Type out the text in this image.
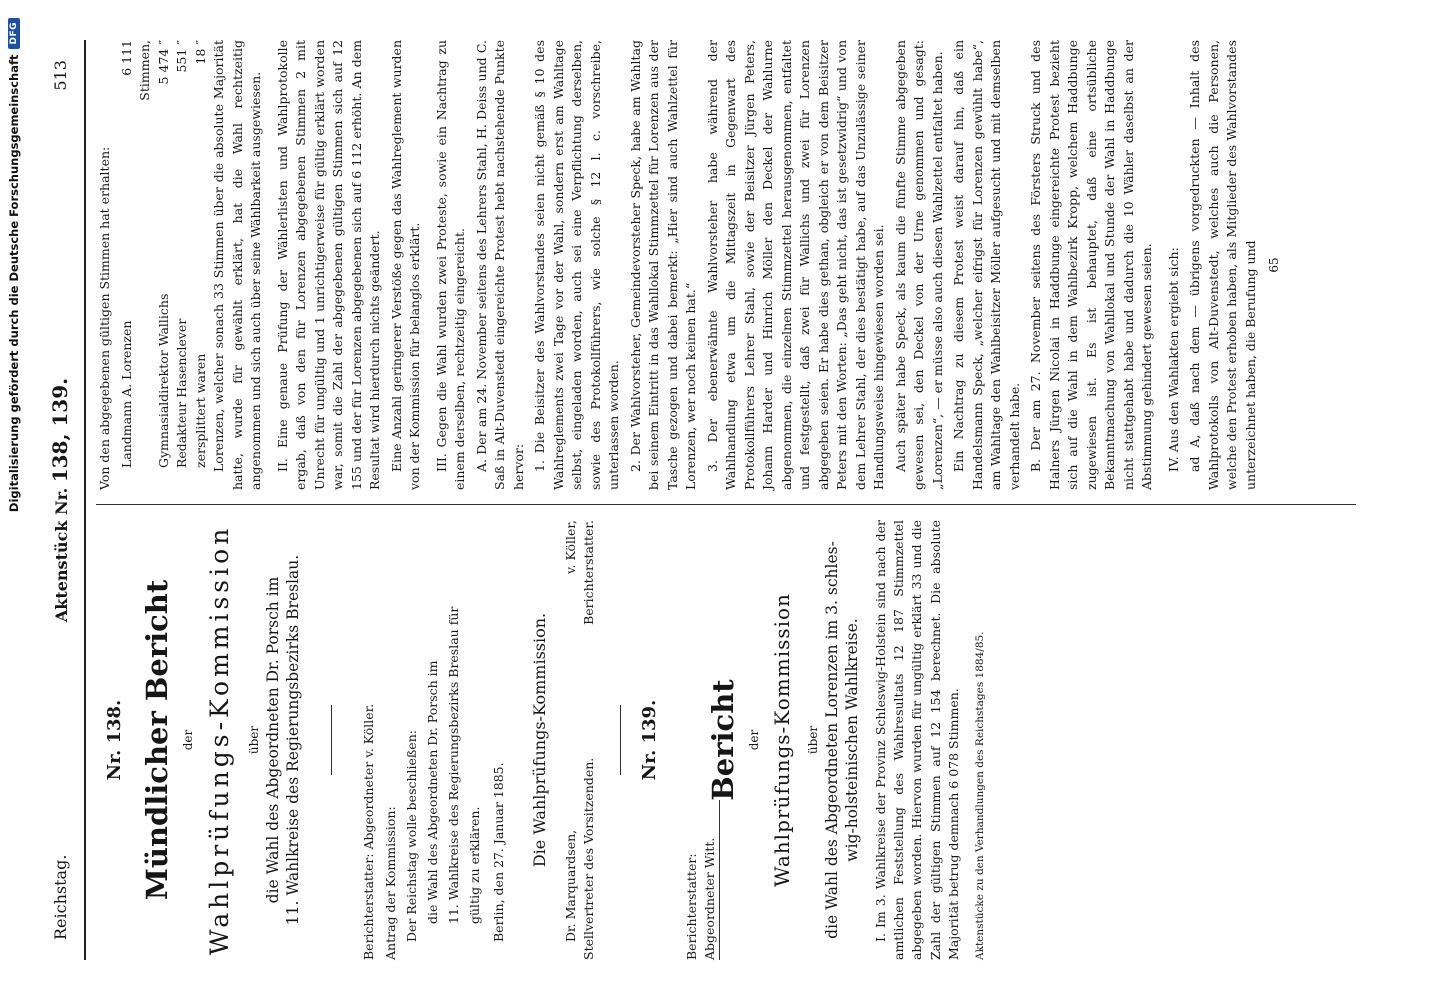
Digitalisierung gefördert durch die Deutsche Forschungsgemeinschaft
DFG
Reichstag.
Aktenstück Nr. 138, 139.
513
Nr. 138. Mündlicher Bericht der Wahlprüfungs-Kommission	über die Wahl des Abgeordneten Dr. Porsch im 11. Wahlkreise des Regierungsbezirks Breslau.	Berichterstatter: Abgeordneter v. Köller. Antrag der Kommission: Der Reichstag wolle beschließen: die Wahl des Abgeordneten Dr. Porsch im 11. Wahlkreise des Regierungsbezirks Breslau für gültig zu erklären. Berlin, den 27. Januar 1885. Die Wahlprüfungs-Kommission.
Dr. Marquardsen, Stellvertreter des Vorsitzenden.
v. Köller, Berichterstatter.
Nr. 139.
Berichterstatter: Abgeordneter Witt.
Bericht der Wahlprüfungs-Kommission über die Wahl des Abgeordneten Lorenzen im 3. schles- wig-holsteinischen Wahlkreise. I. Im 3. Wahlkreise der Provinz Schleswig-Holstein sind nach der amtlichen Feststellung des Wahlresultats 12 187 Stimmzettel abgegeben worden. Hiervon wurden für ungültig erklärt 33 und die Zahl der gültigen Stimmen auf 12 154 berechnet. Die absolute Majorität betrug demnach 6 078 Stimmen. Aktenstücke zu den Verhandlungen des Reichstages 1884/85.

Von den abgegebenen gültigen Stimmen hat erhalten: Landmann A. Lorenzen
6 111 Stimmen,
Gymnasialdirektor Wallichs
5 474 ″
Redakteur Hasenclever
551 ″
zersplittert waren
18 ″ Lorenzen, welcher sonach 33 Stimmen über die absolute Majorität hatte, wurde für gewählt erklärt, hat die Wahl rechtzeitig angenommen und sich auch über seine Wählbarkeit ausgewiesen. II. Eine genaue Prüfung der Wählerlisten und Wahlprotokolle ergab, daß von den für Lorenzen abgegebenen Stimmen 2 mit Unrecht für ungültig und 1 unrichtigerweise für gültig erklärt worden war, somit die Zahl der abgegebenen gültigen Stimmen sich auf 12 155 und der für Lorenzen abgegebenen sich auf 6 112 erhöht. An dem Resultat wird hierdurch nichts geändert. Eine Anzahl geringerer Verstöße gegen das Wahlreglement wurden von der Kommission für belanglos erklärt. III. Gegen die Wahl wurden zwei Proteste, sowie ein Nachtrag zu einem derselben, rechtzeitig eingereicht. A. Der am 24. November seitens des Lehrers Stahl, H. Deiss und C. Saß in Alt-Duvenstedt eingereichte Protest hebt nachstehende Punkte hervor: 1. Die Beisitzer des Wahlvorstandes seien nicht gemäß § 10 des Wahlreglements zwei Tage vor der Wahl, sondern erst am Wahltage selbst, eingeladen worden, auch sei eine Verpflichtung derselben, sowie des Protokollführers, wie solche § 12 l. c. vorschreibe, unterlassen worden. 2. Der Wahlvorsteher, Gemeindevorsteher Speck, habe am Wahltag bei seinem Eintritt in das Wahllokal Stimmzettel für Lorenzen aus der Tasche gezogen und dabei bemerkt: „Hier sind auch Wahlzettel für Lorenzen, wer noch keinen hat.“ 3. Der ebenerwähnte Wahlvorsteher habe während der Wahlhandlung etwa um die Mittagszeit in Gegenwart des Protokollführers Lehrer Stahl, sowie der Beisitzer Jürgen Peters, Johann Harder und Hinrich Möller den Deckel der Wahlurne abgenommen, die einzelnen Stimmzettel herausgenommen, entfaltet und festgestellt, daß zwei für Wallichs und zwei für Lorenzen abgegeben seien. Er habe dies gethan, obgleich er von dem Beisitzer Peters mit den Worten: „Das geht nicht, das ist gesetzwidrig“ und von dem Lehrer Stahl, der dies bestätigt habe, auf das Unzulässige seiner Handlungsweise hingewiesen worden sei. Auch später habe Speck, als kaum die fünfte Stimme abgegeben gewesen sei, den Deckel von der Urne genommen und gesagt: „Lorenzen“, — er müsse also auch diesen Wahlzettel entfaltet haben. Ein Nachtrag zu diesem Protest weist darauf hin, daß ein Handelsmann Speck, „welcher eifrigst für Lorenzen gewühlt habe“, am Wahltage den Wahlbeisitzer Möller aufgesucht und mit demselben verhandelt habe. B. Der am 27. November seitens des Försters Struck und des Halners Jürgen Nicolai in Haddbunge eingereichte Protest bezieht sich auf die Wahl in dem Wahlbezirk Kropp, welchem Haddbunge zugewiesen ist. Es ist behauptet, daß eine ortsübliche Bekanntmachung von Wahllokal und Stunde der Wahl in Haddbunge nicht stattgehabt habe und dadurch die 10 Wähler daselbst an der Abstimmung gehindert gewesen seien. IV. Aus den Wahlakten ergiebt sich: ad A, daß nach dem — übrigens vorgedruckten — Inhalt des Wahlprotokolls von Alt-Duvenstedt, welches auch die Personen, welche den Protest erhoben haben, als Mitglieder des Wahlvorstandes unterzeichnet haben, die Berufung und 65
